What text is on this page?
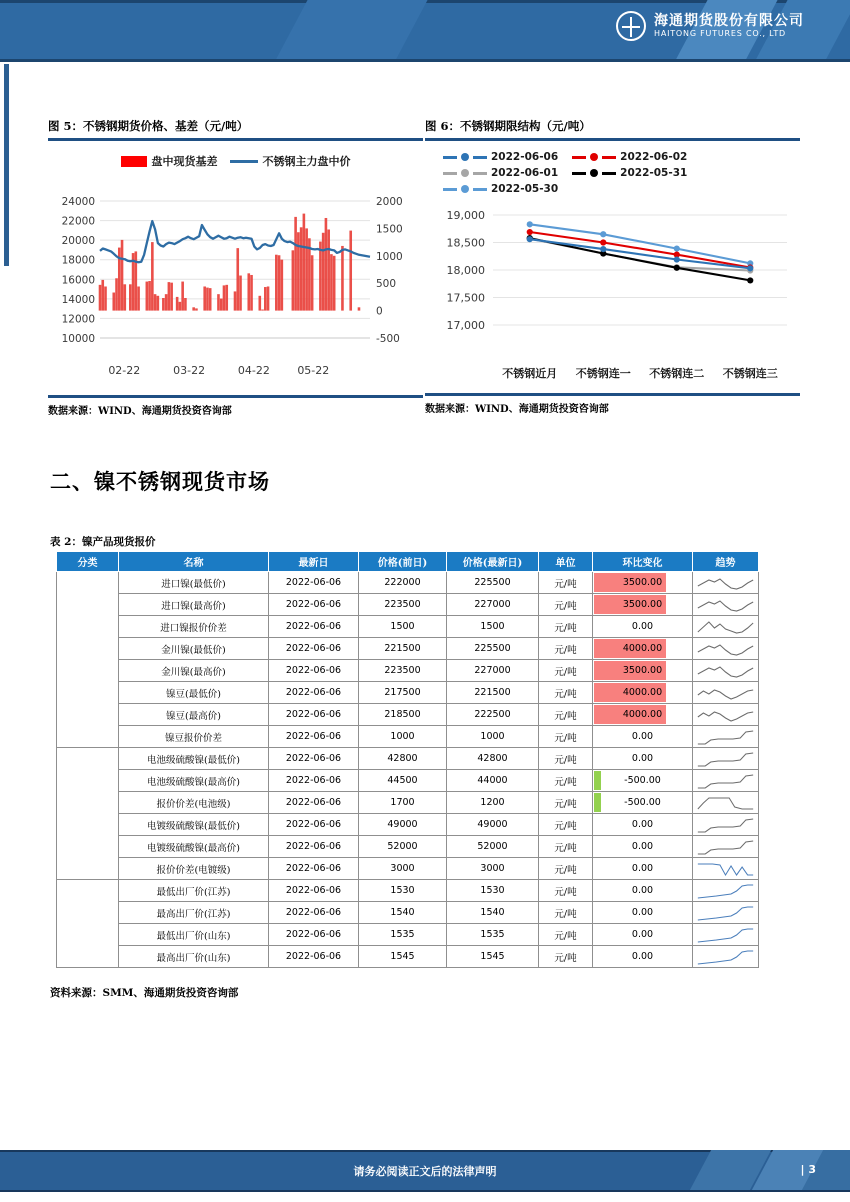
海通期货股份有限公司
HAITONG FUTURES CO., LTD
图 5：不锈钢期货价格、基差（元/吨）
盘中现货基差	不锈钢主力盘中价
10000
12000
14000
16000
18000
20000
22000
24000
-500
0
500
1000
1500
2000
02-22	03-22	04-22 05-22
数据来源：WIND、海通期货投资咨询部
图 6：不锈钢期限结构（元/吨）
2022-06-06	2022-06-02
2022-06-01	2022-05-31
2022-05-30
17,000
17,500
18,000
18,500
19,000
不锈钢近月 不锈钢连一 不锈钢连二 不锈钢连三
数据来源：WIND、海通期货投资咨询部
二、镍不锈钢现货市场
表 2：镍产品现货报价
分类	名称	最新日	价格(前日)	价格(最新日)	单位	环比变化	趋势
电解镍	进口镍(最低价)	2022-06-06	222000	225500	元/吨	3500.00	

	进口镍(最高价)	2022-06-06	223500	227000	元/吨	3500.00	

	进口镍报价价差	2022-06-06	1500	1500	元/吨	0.00	

	金川镍(最低价)	2022-06-06	221500	225500	元/吨	4000.00	

	金川镍(最高价)	2022-06-06	223500	227000	元/吨	3500.00	

	镍豆(最低价)	2022-06-06	217500	221500	元/吨	4000.00	

	镍豆(最高价)	2022-06-06	218500	222500	元/吨	4000.00	

	镍豆报价价差	2022-06-06	1000	1000	元/吨	0.00	

硫酸镍	电池级硫酸镍(最低价)	2022-06-06	42800	42800	元/吨	0.00	

	电池级硫酸镍(最高价)	2022-06-06	44500	44000	元/吨	-500.00	

	报价价差(电池级)	2022-06-06	1700	1200	元/吨	-500.00	

	电镀级硫酸镍(最低价)	2022-06-06	49000	49000	元/吨	0.00	

	电镀级硫酸镍(最高价)	2022-06-06	52000	52000	元/吨	0.00	

	报价价差(电镀级)	2022-06-06	3000	3000	元/吨	0.00	

NPI	最低出厂价(江苏)	2022-06-06	1530	1530	元/吨	0.00	

	最高出厂价(江苏)	2022-06-06	1540	1540	元/吨	0.00	

	最低出厂价(山东)	2022-06-06	1535	1535	元/吨	0.00	

	最高出厂价(山东)	2022-06-06	1545	1545	元/吨	0.00	
资料来源：SMM、海通期货投资咨询部
请务必阅读正文后的法律声明	| 3
